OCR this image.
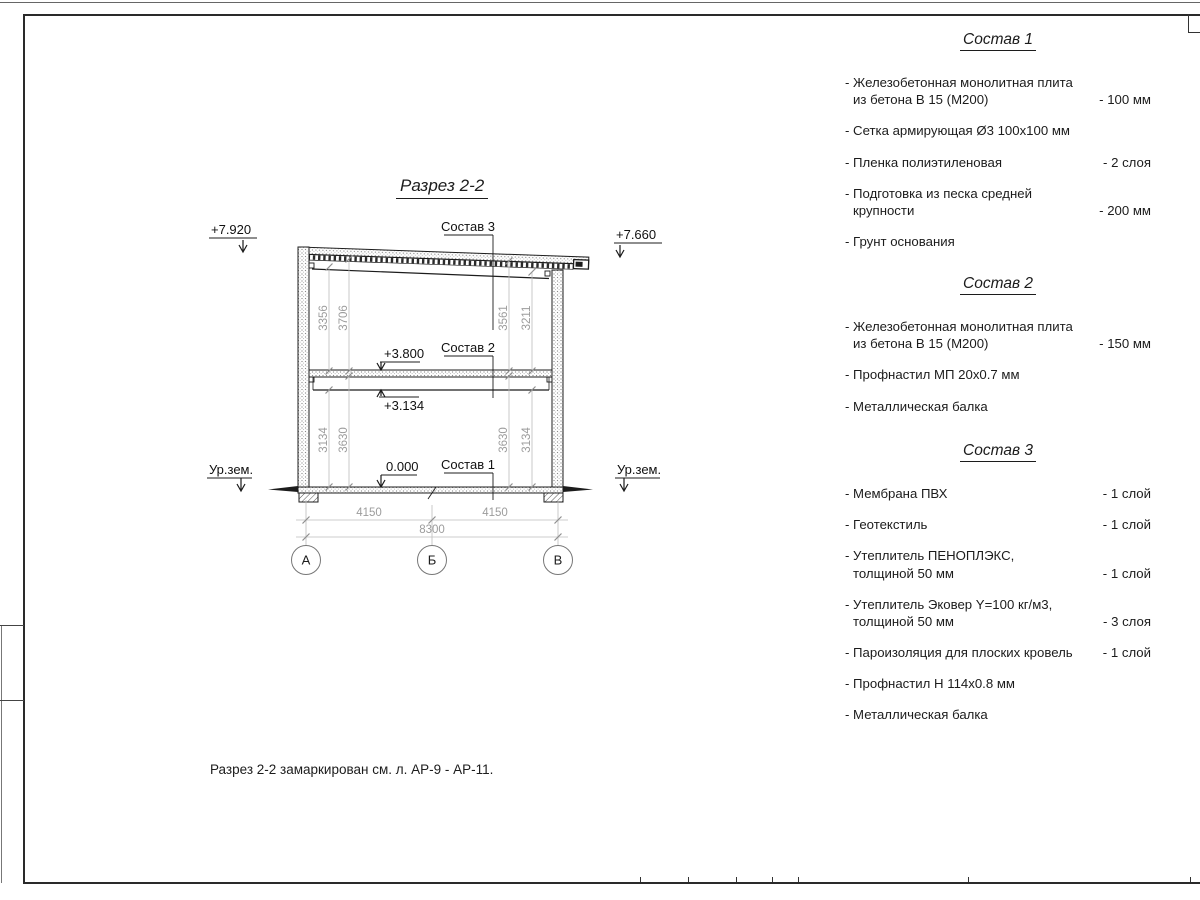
Разрез 2-2
3356 3706	3561 3211
3134 3630	3630 3134
+7.920	+7.660
+3.800
+3.134
0.000
Ур.зем.	Ур.зем.
Состав 3
Состав 2
Состав 1
4150	4150
8300
А	Б	В
Состав 1
- Железобетонная монолитная плита
из бетона В 15 (М200)	- 100 мм
- Сетка армирующая Ø3 100х100 мм
- Пленка полиэтиленовая	- 2 слоя
- Подготовка из песка средней
крупности	- 200 мм
- Грунт основания
Состав 2
- Железобетонная монолитная плита
из бетона В 15 (М200)	- 150 мм
- Профнастил МП 20х0.7 мм
- Металлическая балка
Состав 3
- Мембрана ПВХ	- 1 слой
- Геотекстиль	- 1 слой
- Утеплитель ПЕНОПЛЭКС,
толщиной 50 мм	- 1 слой
- Утеплитель Эковер Y=100 кг/м3,
толщиной 50 мм	- 3 слоя
- Пароизоляция для плоских кровель	- 1 слой
- Профнастил Н 114х0.8 мм
- Металлическая балка
Разрез 2-2 замаркирован см. л. АР-9 - АР-11.
